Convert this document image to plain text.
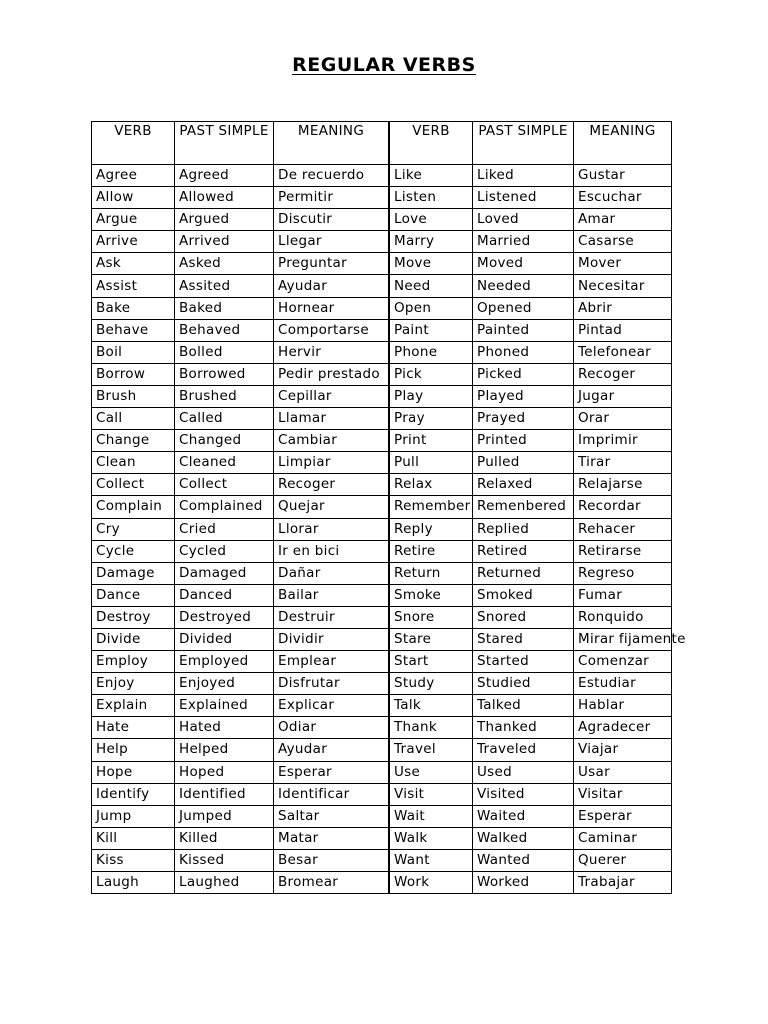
REGULAR VERBS
VERB	PAST SIMPLE	MEANING
Agree	Agreed	De recuerdo
Allow	Allowed	Permitir
Argue	Argued	Discutir
Arrive	Arrived	Llegar
Ask	Asked	Preguntar
Assist	Assited	Ayudar
Bake	Baked	Hornear
Behave	Behaved	Comportarse
Boil	Bolled	Hervir
Borrow	Borrowed	Pedir prestado
Brush	Brushed	Cepillar
Call	Called	Llamar
Change	Changed	Cambiar
Clean	Cleaned	Limpiar
Collect	Collect	Recoger
Complain	Complained	Quejar
Cry	Cried	Llorar
Cycle	Cycled	Ir en bici
Damage	Damaged	Dañar
Dance	Danced	Bailar
Destroy	Destroyed	Destruir
Divide	Divided	Dividir
Employ	Employed	Emplear
Enjoy	Enjoyed	Disfrutar
Explain	Explained	Explicar
Hate	Hated	Odiar
Help	Helped	Ayudar
Hope	Hoped	Esperar
Identify	Identified	Identificar
Jump	Jumped	Saltar
Kill	Killed	Matar
Kiss	Kissed	Besar
Laugh	Laughed	Bromear
VERB	PAST SIMPLE	MEANING
Like	Liked	Gustar
Listen	Listened	Escuchar
Love	Loved	Amar
Marry	Married	Casarse
Move	Moved	Mover
Need	Needed	Necesitar
Open	Opened	Abrir
Paint	Painted	Pintad
Phone	Phoned	Telefonear
Pick	Picked	Recoger
Play	Played	Jugar
Pray	Prayed	Orar
Print	Printed	Imprimir
Pull	Pulled	Tirar
Relax	Relaxed	Relajarse
Remember	Remenbered	Recordar
Reply	Replied	Rehacer
Retire	Retired	Retirarse
Return	Returned	Regreso
Smoke	Smoked	Fumar
Snore	Snored	Ronquido
Stare	Stared	Mirar fijamente
Start	Started	Comenzar
Study	Studied	Estudiar
Talk	Talked	Hablar
Thank	Thanked	Agradecer
Travel	Traveled	Viajar
Use	Used	Usar
Visit	Visited	Visitar
Wait	Waited	Esperar
Walk	Walked	Caminar
Want	Wanted	Querer
Work	Worked	Trabajar
